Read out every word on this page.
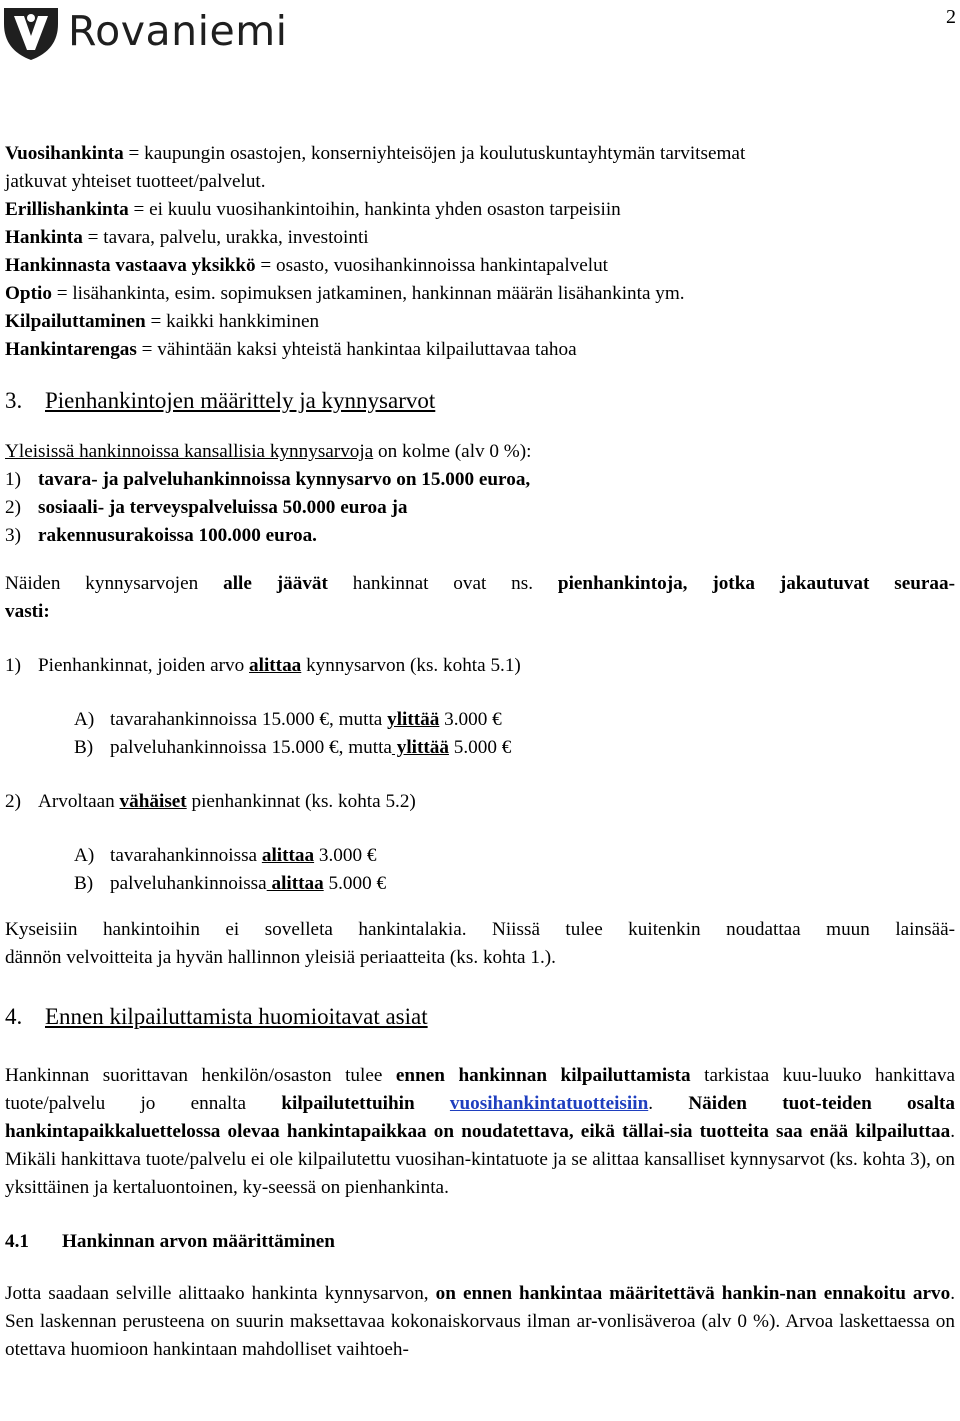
Rovaniemi	2

Vuosihankinta = kaupungin osastojen, konserniyhteisöjen ja koulutuskuntayhtymän tarvitsemat

jatkuvat yhteiset tuotteet/palvelut.

Erillishankinta = ei kuulu vuosihankintoihin, hankinta yhden osaston tarpeisiin

Hankinta = tavara, palvelu, urakka, investointi

Hankinnasta vastaava yksikkö = osasto, vuosihankinnoissa hankintapalvelut

Optio = lisähankinta, esim. sopimuksen jatkaminen, hankinnan määrän lisähankinta ym.

Kilpailuttaminen = kaikki hankkiminen

Hankintarengas = vähintään kaksi yhteistä hankintaa kilpailuttavaa tahoa

3. Pienhankintojen määrittely ja kynnysarvot

Yleisissä hankinnoissa kansallisia kynnysarvoja on kolme (alv 0 %):

1) tavara- ja palveluhankinnoissa kynnysarvo on 15.000 euroa,

2) sosiaali- ja terveyspalveluissa 50.000 euroa ja

3) rakennusurakoissa 100.000 euroa.

Näiden kynnysarvojen alle jäävät hankinnat ovat ns. pienhankintoja, jotka jakautuvat seuraa-

vasti:

1) Pienhankinnat, joiden arvo alittaa kynnysarvon (ks. kohta 5.1)

A) tavarahankinnoissa 15.000 €, mutta ylittää 3.000 €

B) palveluhankinnoissa 15.000 €, mutta ylittää 5.000 €

2) Arvoltaan vähäiset pienhankinnat (ks. kohta 5.2)

A) tavarahankinnoissa alittaa 3.000 €

B) palveluhankinnoissa alittaa 5.000 €

Kyseisiin hankintoihin ei sovelleta hankintalakia. Niissä tulee kuitenkin noudattaa muun lainsää-

dännön velvoitteita ja hyvän hallinnon yleisiä periaatteita (ks. kohta 1.).

4. Ennen kilpailuttamista huomioitavat asiat

Hankinnan suorittavan henkilön/osaston tulee ennen hankinnan kilpailuttamista tarkistaa kuu-luuko hankittava tuote/palvelu jo ennalta kilpailutettuihin vuosihankintatuotteisiin. Näiden tuot-teiden osalta hankintapaikkaluettelossa olevaa hankintapaikkaa on noudatettava, eikä tällai-sia tuotteita saa enää kilpailuttaa. Mikäli hankittava tuote/palvelu ei ole kilpailutettu vuosihan-kintatuote ja se alittaa kansalliset kynnysarvot (ks. kohta 3), on yksittäinen ja kertaluontoinen, ky-seessä on pienhankinta.

4.1 Hankinnan arvon määrittäminen

Jotta saadaan selville alittaako hankinta kynnysarvon, on ennen hankintaa määritettävä hankin-nan ennakoitu arvo. Sen laskennan perusteena on suurin maksettavaa kokonaiskorvaus ilman ar-vonlisäveroa (alv 0 %). Arvoa laskettaessa on otettava huomioon hankintaan mahdolliset vaihtoeh-
